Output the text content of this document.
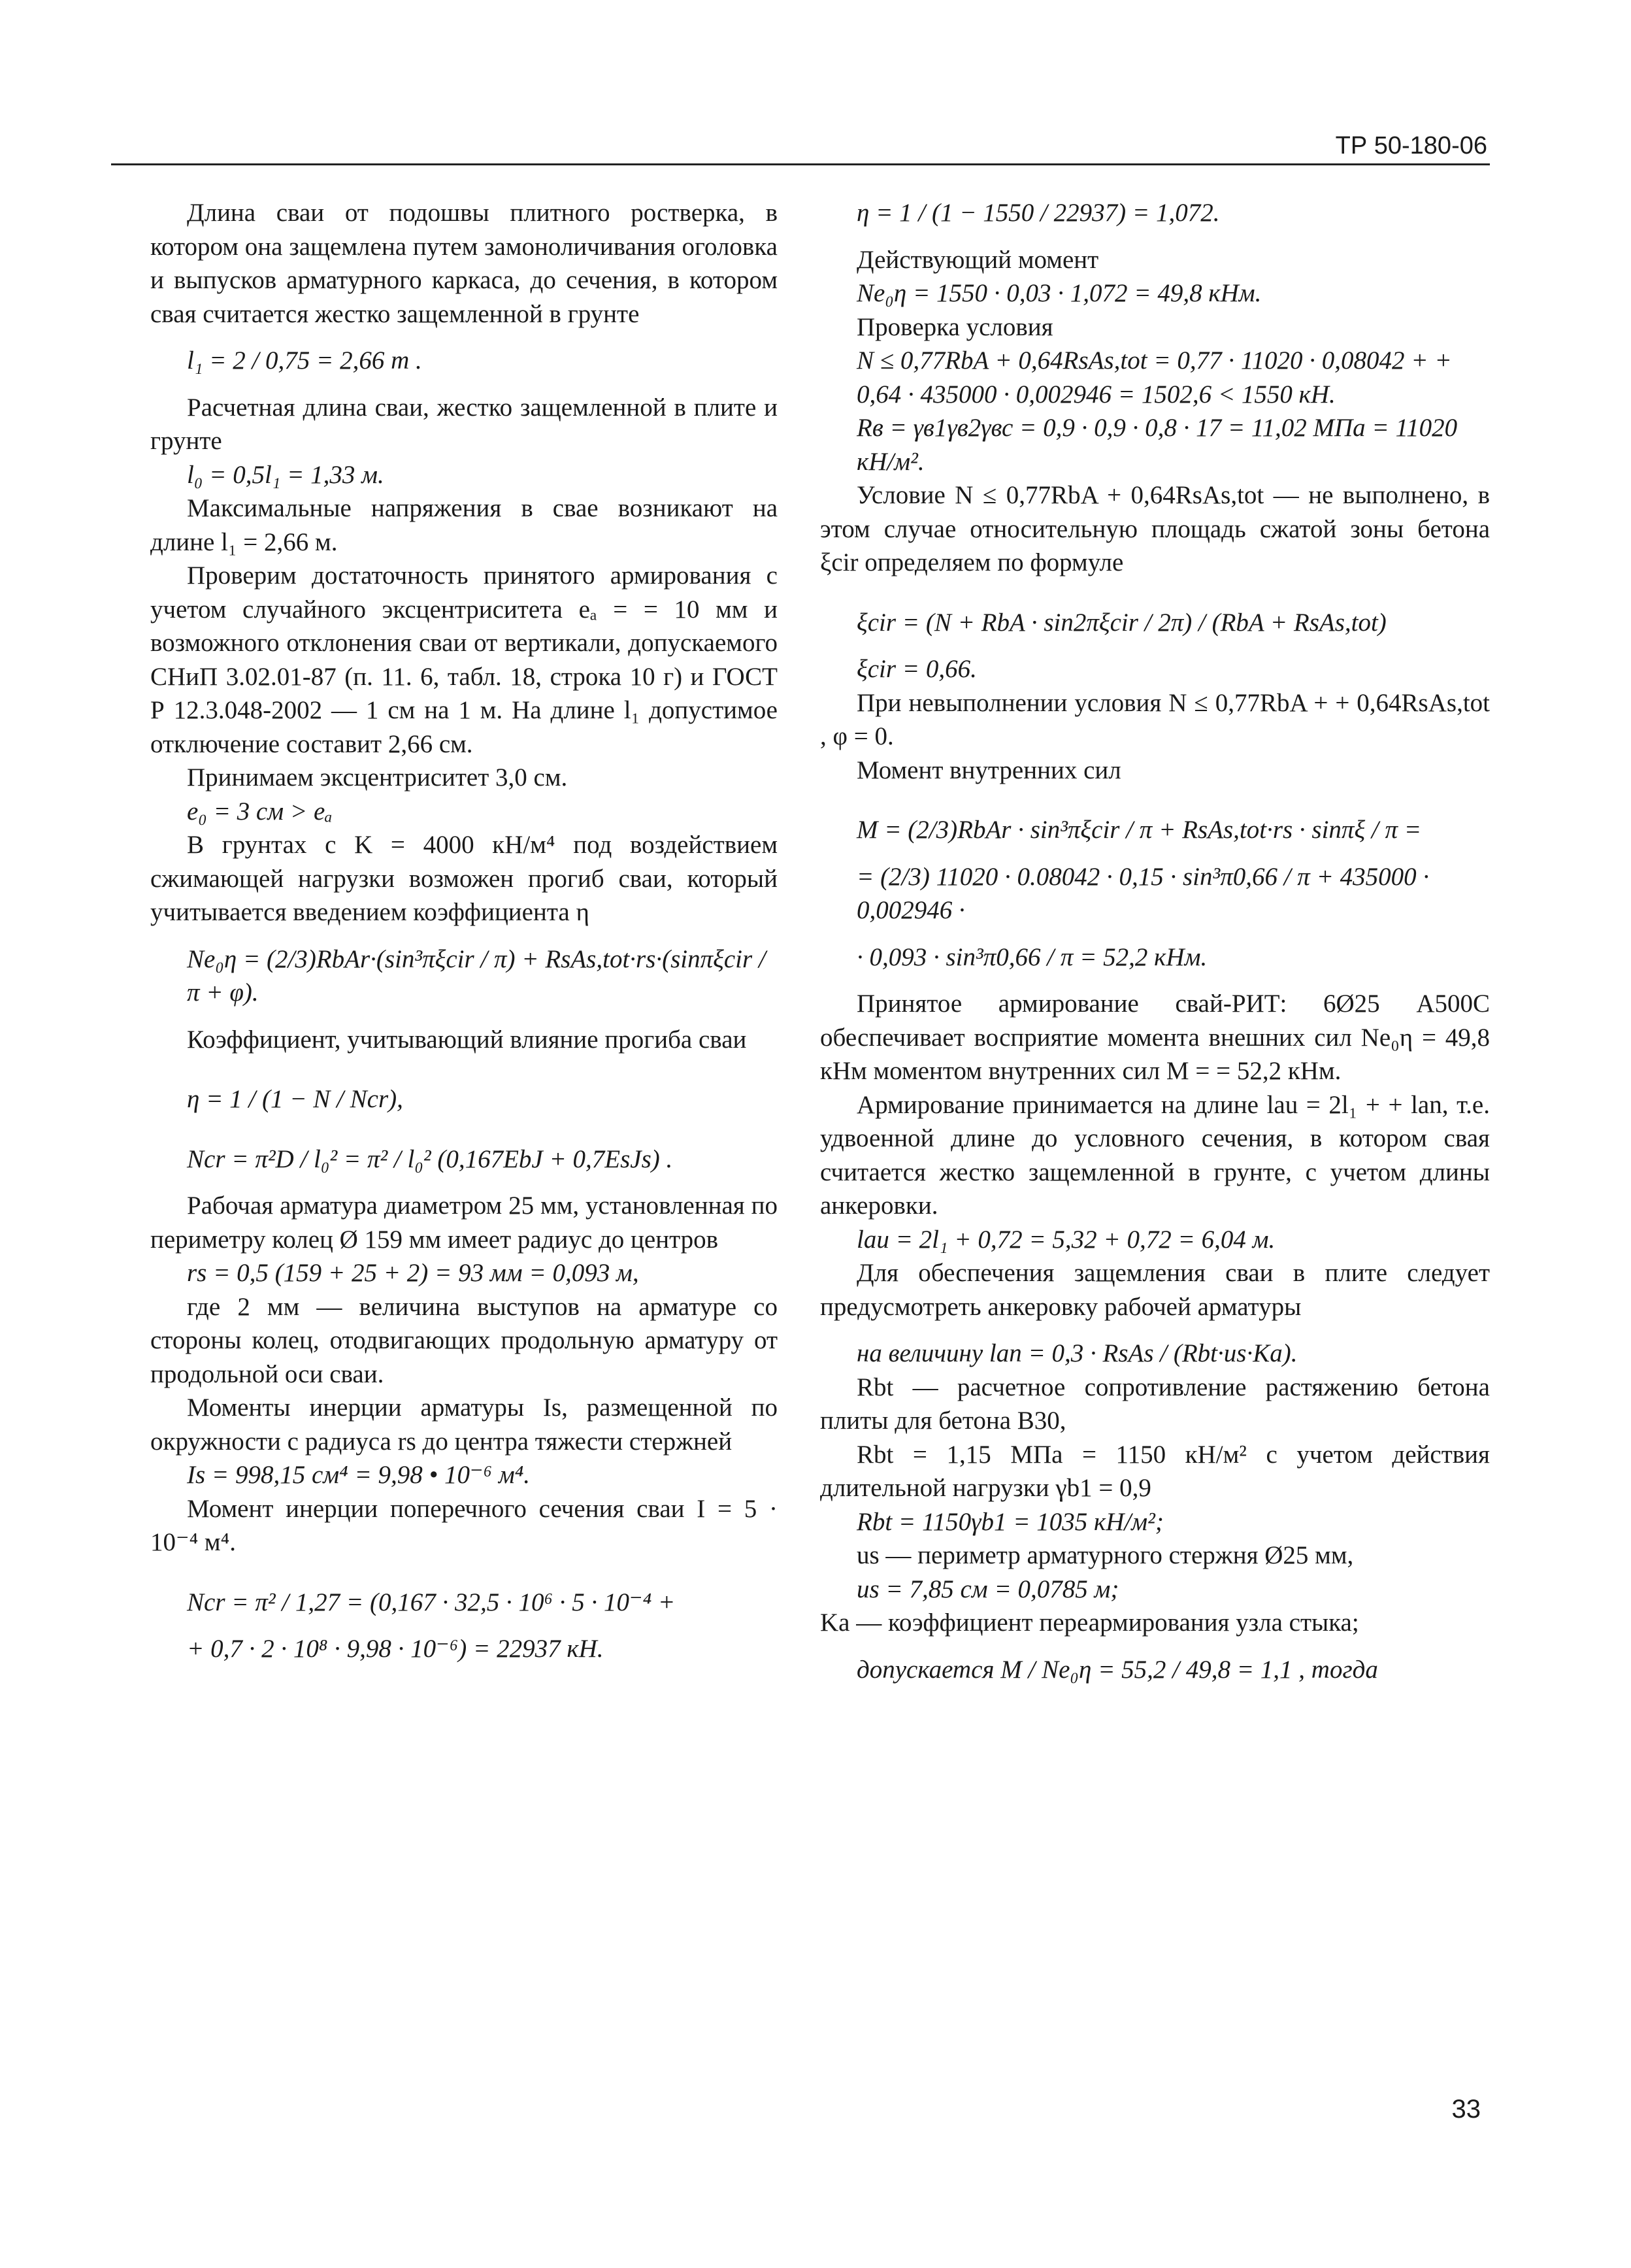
ТР 50-180-06

Длина сваи от подошвы плитного ростверка, в котором она защемлена путем замоноличивания оголовка и выпусков арматурного каркаса, до сечения, в котором свая считается жестко защемленной в грунте

l₁ = 2 / 0,75 = 2,66 m .

Расчетная длина сваи, жестко защемленной в плите и грунте

l₀ = 0,5l₁ = 1,33 м.

Максимальные напряжения в свае возникают на длине l₁ = 2,66 м.

Проверим достаточность принятого армирования с учетом случайного эксцентриситета eₐ = = 10 мм и возможного отклонения сваи от вертикали, допускаемого СНиП 3.02.01-87 (п. 11. 6, табл. 18, строка 10 г) и ГОСТ Р 12.3.048-2002 — 1 см на 1 м. На длине l₁ допустимое отключение составит 2,66 см.

Принимаем эксцентриситет 3,0 см.

e₀ = 3 см > eₐ

В грунтах с K = 4000 кН/м⁴ под воздействием сжимающей нагрузки возможен прогиб сваи, который учитывается введением коэффициента η

Ne₀η = (2/3)RbAr·(sin³πξcir / π) + RsAs,tot·rs·(sinπξcir / π + φ).

Коэффициент, учитывающий влияние прогиба сваи

η = 1 / (1 − N / Ncr),

Ncr = π²D / l₀² = π² / l₀² (0,167EbJ + 0,7EsJs) .

Рабочая арматура диаметром 25 мм, установленная по периметру колец Ø 159 мм имеет радиус до центров

rs = 0,5 (159 + 25 + 2) = 93 мм = 0,093 м,

где 2 мм — величина выступов на арматуре со стороны колец, отодвигающих продольную арматуру от продольной оси сваи.

Моменты инерции арматуры Is, размещенной по окружности с радиуса rs до центра тяжести стержней

Is = 998,15 см⁴ = 9,98 • 10⁻⁶ м⁴.

Момент инерции поперечного сечения сваи I = 5 · 10⁻⁴ м⁴.

Ncr = π² / 1,27 = (0,167 · 32,5 · 10⁶ · 5 · 10⁻⁴ +

+ 0,7 · 2 · 10⁸ · 9,98 · 10⁻⁶) = 22937 кН.

η = 1 / (1 − 1550 / 22937) = 1,072.

Действующий момент

Ne₀η = 1550 · 0,03 · 1,072 = 49,8 кНм.

Проверка условия

N ≤ 0,77RbA + 0,64RsAs,tot = 0,77 · 11020 · 0,08042 + + 0,64 · 435000 · 0,002946 = 1502,6 < 1550 кН.

Rв = γв1γв2γвс = 0,9 · 0,9 · 0,8 · 17 = 11,02 МПа = 11020 кН/м².

Условие N ≤ 0,77RbA + 0,64RsAs,tot — не выполнено, в этом случае относительную площадь сжатой зоны бетона ξcir определяем по формуле

ξcir = (N + RbA · sin2πξcir / 2π) / (RbA + RsAs,tot)

ξcir = 0,66.

При невыполнении условия N ≤ 0,77RbA + + 0,64RsAs,tot , φ = 0.

Момент внутренних сил

M = (2/3)RbAr · sin³πξcir / π + RsAs,tot·rs · sinπξ / π =

= (2/3) 11020 · 0.08042 · 0,15 · sin³π0,66 / π + 435000 · 0,002946 ·

· 0,093 · sin³π0,66 / π = 52,2 кНм.

Принятое армирование свай-РИТ: 6Ø25 А500С обеспечивает восприятие момента внешних сил Ne₀η = 49,8 кНм моментом внутренних сил M = = 52,2 кНм.

Армирование принимается на длине lau = 2l₁ + + lan, т.е. удвоенной длине до условного сечения, в котором свая считается жестко защемленной в грунте, с учетом длины анкеровки.

lau = 2l₁ + 0,72 = 5,32 + 0,72 = 6,04 м.

Для обеспечения защемления сваи в плите следует предусмотреть анкеровку рабочей арматуры

на величину lan = 0,3 · RsAs / (Rbt·us·Ka).

Rbt — расчетное сопротивление растяжению бетона плиты для бетона В30,

Rbt = 1,15 МПа = 1150 кН/м² с учетом действия длительной нагрузки γb1 = 0,9

Rbt = 1150γb1 = 1035 кН/м²;

us — периметр арматурного стержня Ø25 мм,

us = 7,85 см = 0,0785 м;

Ka — коэффициент переармирования узла стыка;

допускается M / Ne₀η = 55,2 / 49,8 = 1,1 , тогда

33
